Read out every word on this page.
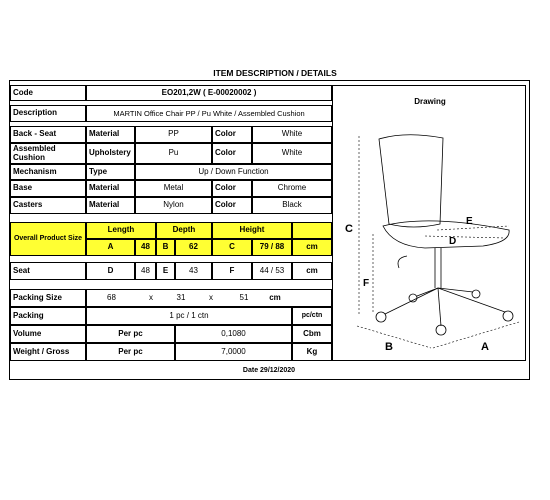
ITEM DESCRIPTION / DETAILS
Code	EO201,2W ( E-00020002 )
Description	MARTIN Office Chair PP / Pu White / Assembled Cushion
Drawing
C
F
E
D
B	A
Back - Seat	Material	PP	Color	White
Assembled Cushion	Upholstery	Pu	Color	White
Mechanism	Type	Up / Down Function
Base	Material	Metal	Color	Chrome
Casters	Material	Nylon	Color	Black
Overall Product Size
Length	Depth	Height
A	48	B	62	C	79 / 88	cm
Seat	D	48	E	43	F	44 / 53	cm
Packing Size	68	x	31	x	51	cm
Packing	1 pc / 1 ctn	pc/ctn
Volume	Per pc	0,1080	Cbm
Weight / Gross	Per pc	7,0000	Kg
Date 29/12/2020
